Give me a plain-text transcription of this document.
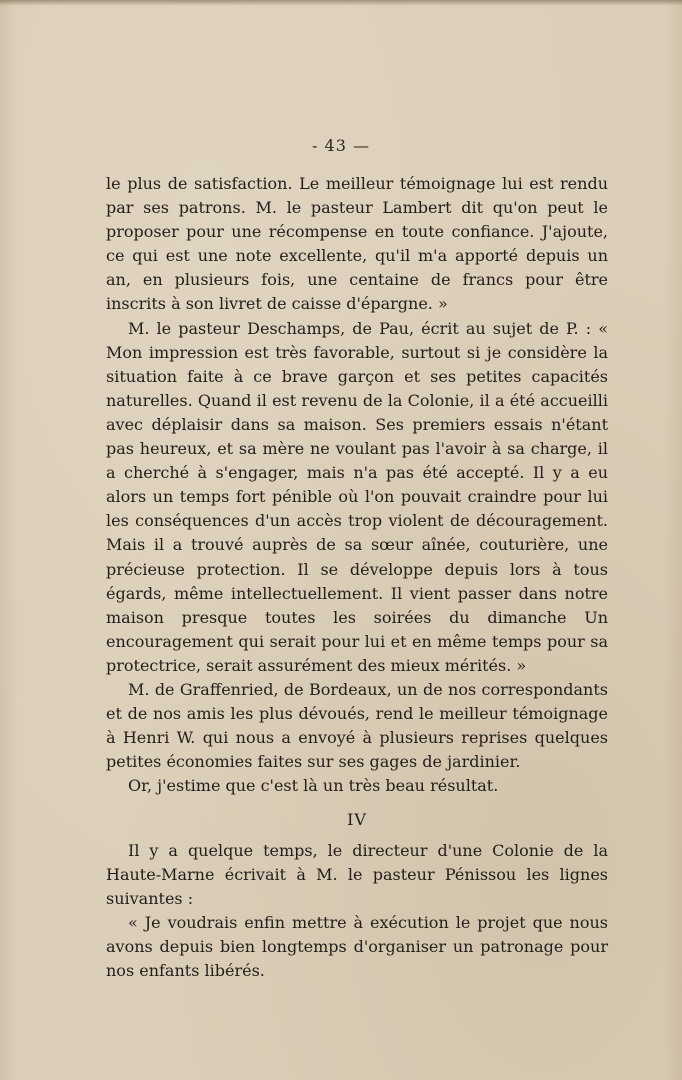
- 43 —

le plus de satisfaction. Le meilleur témoignage lui est rendu par ses patrons. M. le pasteur Lambert dit qu'on peut le proposer pour une récompense en toute confiance. J'ajoute, ce qui est une note excellente, qu'il m'a apporté depuis un an, en plusieurs fois, une centaine de francs pour être inscrits à son livret de caisse d'épargne. »

M. le pasteur Deschamps, de Pau, écrit au sujet de P. : « Mon impression est très favorable, surtout si je considère la situation faite à ce brave garçon et ses petites capacités naturelles. Quand il est revenu de la Colonie, il a été accueilli avec déplaisir dans sa maison. Ses premiers essais n'étant pas heureux, et sa mère ne voulant pas l'avoir à sa charge, il a cherché à s'engager, mais n'a pas été accepté. Il y a eu alors un temps fort pénible où l'on pouvait craindre pour lui les conséquences d'un accès trop violent de découragement. Mais il a trouvé auprès de sa sœur aînée, couturière, une précieuse protection. Il se développe depuis lors à tous égards, même intellectuellement. Il vient passer dans notre maison presque toutes les soirées du dimanche Un encouragement qui serait pour lui et en même temps pour sa protectrice, serait assurément des mieux mérités. »

M. de Graffenried, de Bordeaux, un de nos correspondants et de nos amis les plus dévoués, rend le meilleur témoignage à Henri W. qui nous a envoyé à plusieurs reprises quelques petites économies faites sur ses gages de jardinier.

Or, j'estime que c'est là un très beau résultat.

IV

Il y a quelque temps, le directeur d'une Colonie de la Haute-Marne écrivait à M. le pasteur Pénissou les lignes suivantes :

« Je voudrais enfin mettre à exécution le projet que nous avons depuis bien longtemps d'organiser un patronage pour nos enfants libérés.
